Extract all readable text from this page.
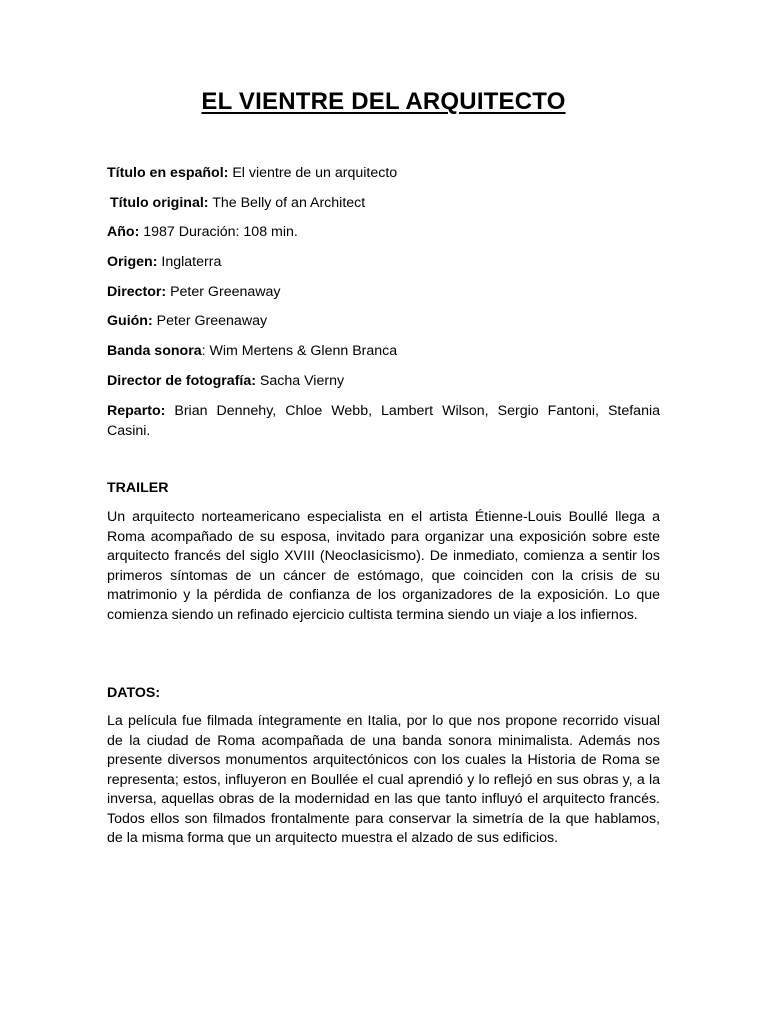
EL VIENTRE DEL ARQUITECTO

Título en español: El vientre de un arquitecto

Título original: The Belly of an Architect

Año: 1987 Duración: 108 min.

Origen: Inglaterra

Director: Peter Greenaway

Guión: Peter Greenaway

Banda sonora: Wim Mertens & Glenn Branca

Director de fotografía: Sacha Vierny

Reparto: Brian Dennehy, Chloe Webb, Lambert Wilson, Sergio Fantoni, Stefania Casini.

TRAILER

Un arquitecto norteamericano especialista en el artista Étienne-Louis Boullé llega a Roma acompañado de su esposa, invitado para organizar una exposición sobre este arquitecto francés del siglo XVIII (Neoclasicismo). De inmediato, comienza a sentir los primeros síntomas de un cáncer de estómago, que coinciden con la crisis de su matrimonio y la pérdida de confianza de los organizadores de la exposición. Lo que comienza siendo un refinado ejercicio cultista termina siendo un viaje a los infiernos.

DATOS:

La película fue filmada íntegramente en Italia, por lo que nos propone recorrido visual de la ciudad de Roma acompañada de una banda sonora minimalista. Además nos presente diversos monumentos arquitectónicos con los cuales la Historia de Roma se representa; estos, influyeron en Boullée el cual aprendió y lo reflejó en sus obras y, a la inversa, aquellas obras de la modernidad en las que tanto influyó el arquitecto francés. Todos ellos son filmados frontalmente para conservar la simetría de la que hablamos, de la misma forma que un arquitecto muestra el alzado de sus edificios.
